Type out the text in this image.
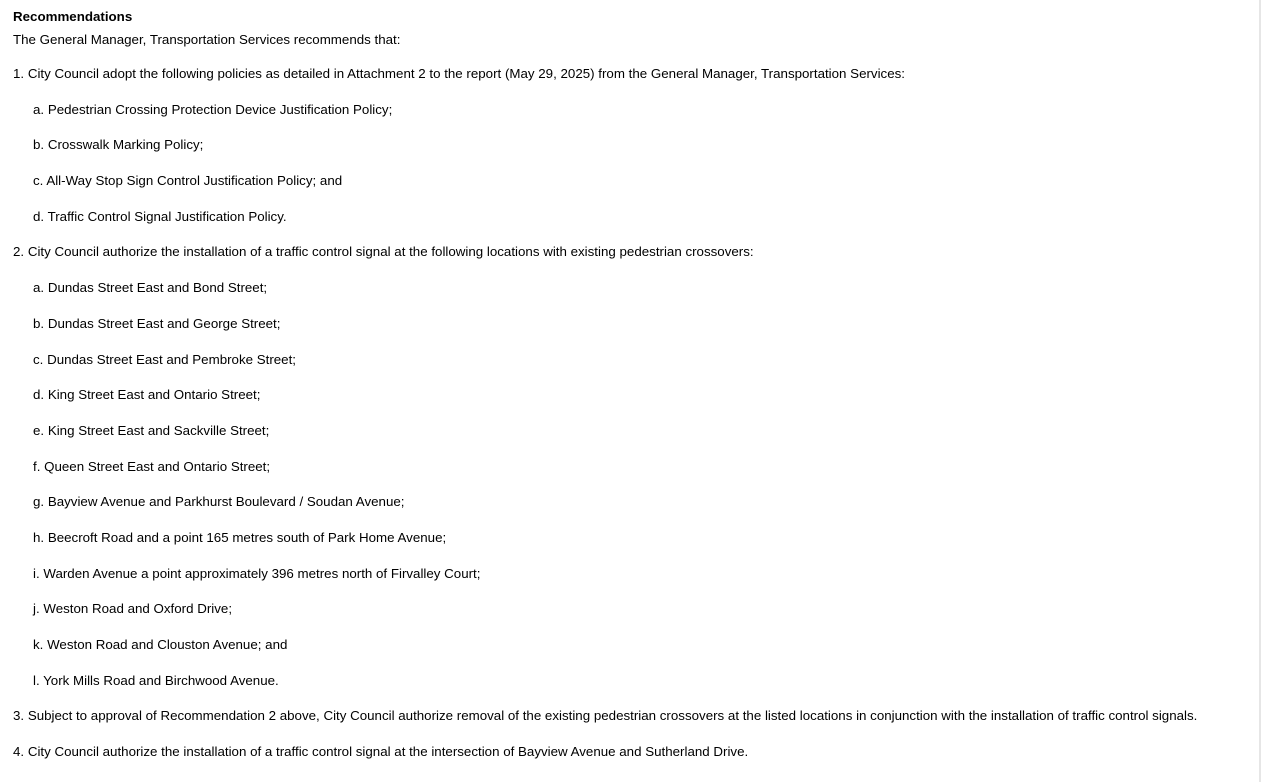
Recommendations

The General Manager, Transportation Services recommends that:

1. City Council adopt the following policies as detailed in Attachment 2 to the report (May 29, 2025) from the General Manager, Transportation Services:

a. Pedestrian Crossing Protection Device Justification Policy;

b. Crosswalk Marking Policy;

c. All-Way Stop Sign Control Justification Policy; and

d. Traffic Control Signal Justification Policy.

2. City Council authorize the installation of a traffic control signal at the following locations with existing pedestrian crossovers:

a. Dundas Street East and Bond Street;

b. Dundas Street East and George Street;

c. Dundas Street East and Pembroke Street;

d. King Street East and Ontario Street;

e. King Street East and Sackville Street;

f. Queen Street East and Ontario Street;

g. Bayview Avenue and Parkhurst Boulevard / Soudan Avenue;

h. Beecroft Road and a point 165 metres south of Park Home Avenue;

i. Warden Avenue a point approximately 396 metres north of Firvalley Court;

j. Weston Road and Oxford Drive;

k. Weston Road and Clouston Avenue; and

l. York Mills Road and Birchwood Avenue.

3. Subject to approval of Recommendation 2 above, City Council authorize removal of the existing pedestrian crossovers at the listed locations in conjunction with the installation of traffic control signals.

4. City Council authorize the installation of a traffic control signal at the intersection of Bayview Avenue and Sutherland Drive.
